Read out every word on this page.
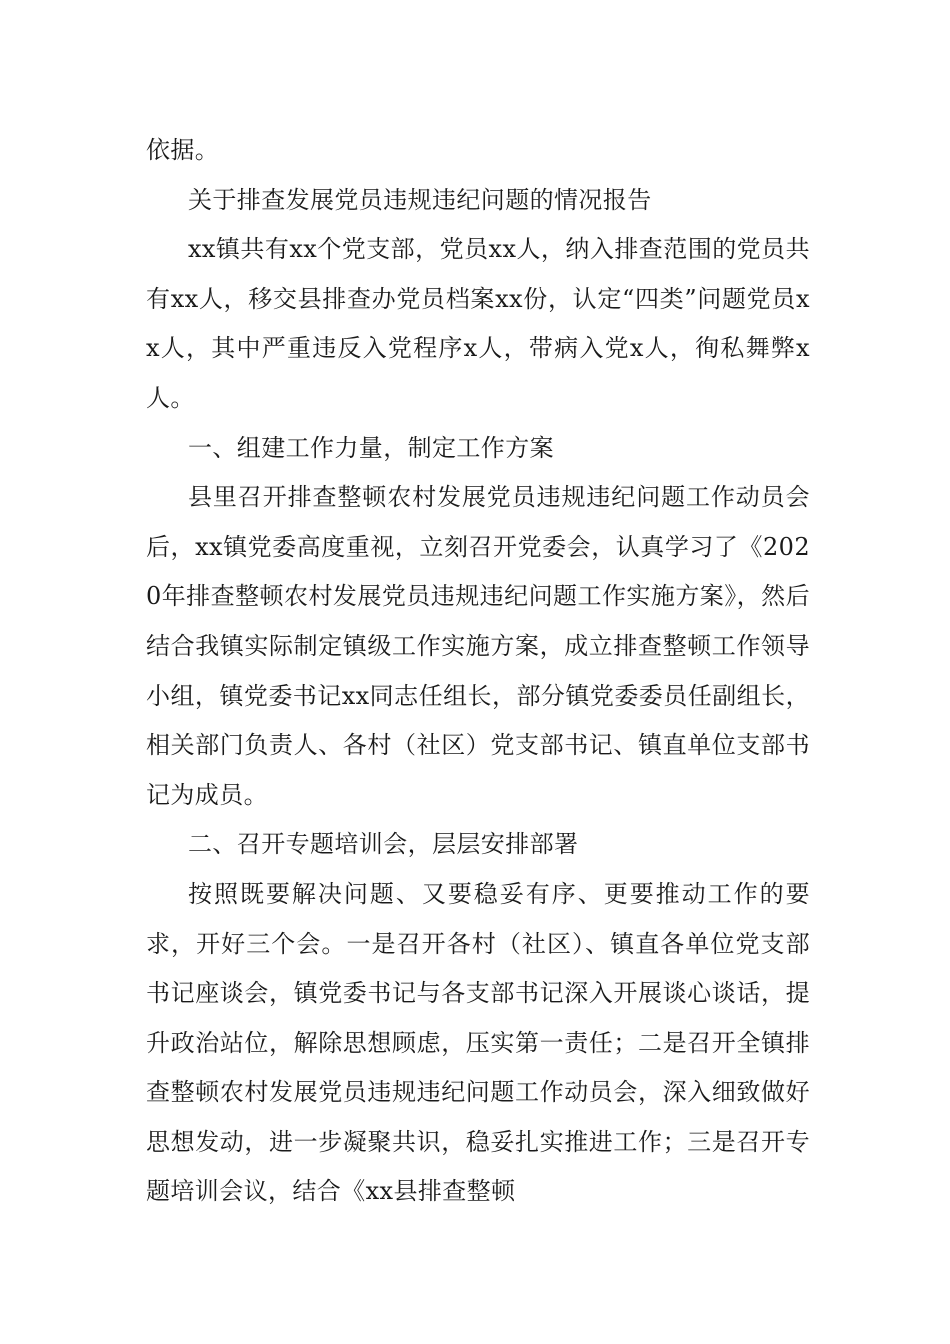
依据。

关于排查发展党员违规违纪问题的情况报告

xx镇共有xx个党支部，党员xx人，纳入排查范围的党员共有xx人，移交县排查办党员档案xx份，认定“四类”问题党员xx人，其中严重违反入党程序x人，带病入党x人，徇私舞弊x人。

一、组建工作力量，制定工作方案

县里召开排查整顿农村发展党员违规违纪问题工作动员会后，xx镇党委高度重视，立刻召开党委会，认真学习了《2020年排查整顿农村发展党员违规违纪问题工作实施方案》，然后结合我镇实际制定镇级工作实施方案，成立排查整顿工作领导小组，镇党委书记xx同志任组长，部分镇党委委员任副组长，相关部门负责人、各村（社区）党支部书记、镇直单位支部书记为成员。

二、召开专题培训会，层层安排部署

按照既要解决问题、又要稳妥有序、更要推动工作的要求，开好三个会。一是召开各村（社区）、镇直各单位党支部书记座谈会，镇党委书记与各支部书记深入开展谈心谈话，提升政治站位，解除思想顾虑，压实第一责任；二是召开全镇排查整顿农村发展党员违规违纪问题工作动员会，深入细致做好思想发动，进一步凝聚共识，稳妥扎实推进工作；三是召开专题培训会议，结合《xx县排查整顿
